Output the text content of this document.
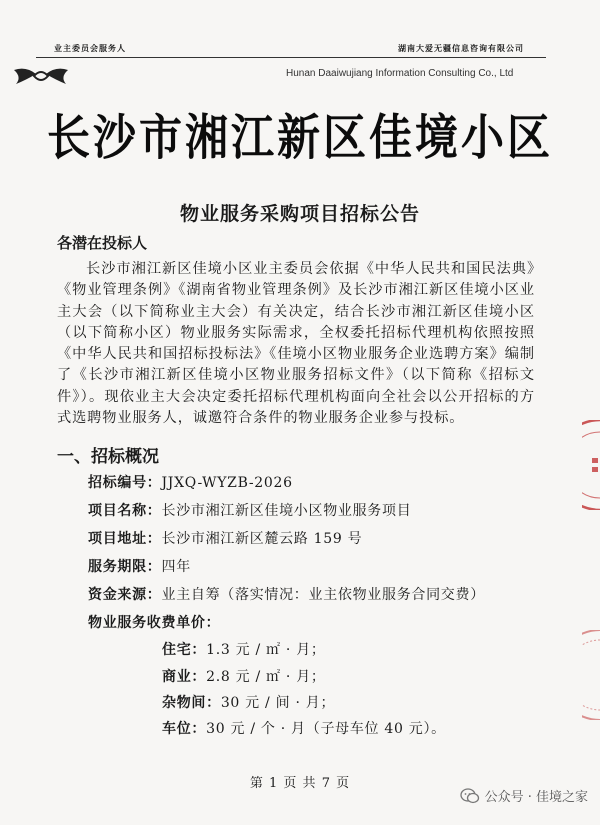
业主委员会服务人	湖南大爱无疆信息咨询有限公司
Hunan Daaiwujiang Information Consulting Co., Ltd
长沙市湘江新区佳境小区
物业服务采购项目招标公告
各潜在投标人
长沙市湘江新区佳境小区业主委员会依据《中华人民共和国民法典》《物业管理条例》《湖南省物业管理条例》及长沙市湘江新区佳境小区业主大会（以下简称业主大会）有关决定，结合长沙市湘江新区佳境小区（以下简称小区）物业服务实际需求，全权委托招标代理机构依照按照《中华人民共和国招标投标法》《佳境小区物业服务企业选聘方案》编制了《长沙市湘江新区佳境小区物业服务招标文件》（以下简称《招标文件》）。现依业主大会决定委托招标代理机构面向全社会以公开招标的方式选聘物业服务人，诚邀符合条件的物业服务企业参与投标。
一、招标概况
招标编号：JJXQ-WYZB-2026
项目名称：长沙市湘江新区佳境小区物业服务项目
项目地址：长沙市湘江新区麓云路 159 号
服务期限：四年
资金来源：业主自筹（落实情况：业主依物业服务合同交费）
物业服务收费单价：
住宅：1.3 元 / ㎡ · 月；
商业：2.8 元 / ㎡ · 月；
杂物间：30 元 / 间 · 月；
车位：30 元 / 个 · 月（子母车位 40 元）。
第 1 页 共 7 页
公众号 · 佳境之家
